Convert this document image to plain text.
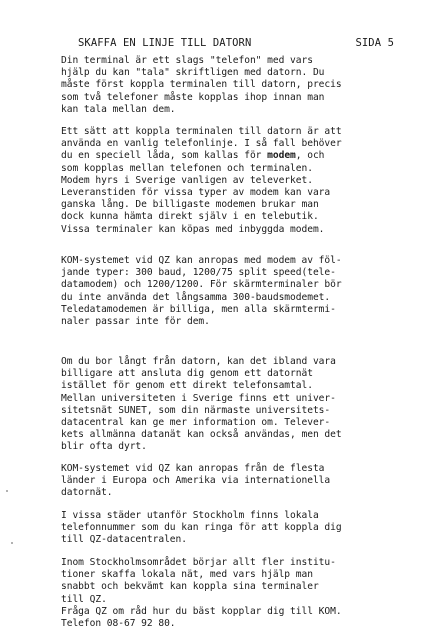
SKAFFA EN LINJE TILL DATORN	SIDA 5
Din terminal är ett slags "telefon" med vars
hjälp du kan "tala" skriftligen med datorn. Du
måste först koppla terminalen till datorn, precis
som två telefoner måste kopplas ihop innan man
kan tala mellan dem.
Ett sätt att koppla terminalen till datorn är att
använda en vanlig telefonlinje. I så fall behöver
du en speciell låda, som kallas för modem, och
som kopplas mellan telefonen och terminalen.
Modem hyrs i Sverige vanligen av televerket.
Leveranstiden för vissa typer av modem kan vara
ganska lång. De billigaste modemen brukar man
dock kunna hämta direkt själv i en telebutik.
Vissa terminaler kan köpas med inbyggda modem.
KOM-systemet vid QZ kan anropas med modem av föl-
jande typer: 300 baud, 1200/75 split speed(tele-
datamodem) och 1200/1200. För skärmterminaler bör
du inte använda det långsamma 300-baudsmodemet.
Teledatamodemen är billiga, men alla skärmtermi-
naler passar inte för dem.
Om du bor långt från datorn, kan det ibland vara
billigare att ansluta dig genom ett datornät
istället för genom ett direkt telefonsamtal.
Mellan universiteten i Sverige finns ett univer-
sitetsnät SUNET, som din närmaste universitets-
datacentral kan ge mer information om. Telever-
kets allmänna datanät kan också användas, men det
blir ofta dyrt.
KOM-systemet vid QZ kan anropas från de flesta
länder i Europa och Amerika via internationella
datornät.
I vissa städer utanför Stockholm finns lokala
telefonnummer som du kan ringa för att koppla dig
till QZ-datacentralen.
Inom Stockholmsområdet börjar allt fler institu-
tioner skaffa lokala nät, med vars hjälp man
snabbt och bekvämt kan koppla sina terminaler
till QZ.
Fråga QZ om råd hur du bäst kopplar dig till KOM.
Telefon 08-67 92 80.
